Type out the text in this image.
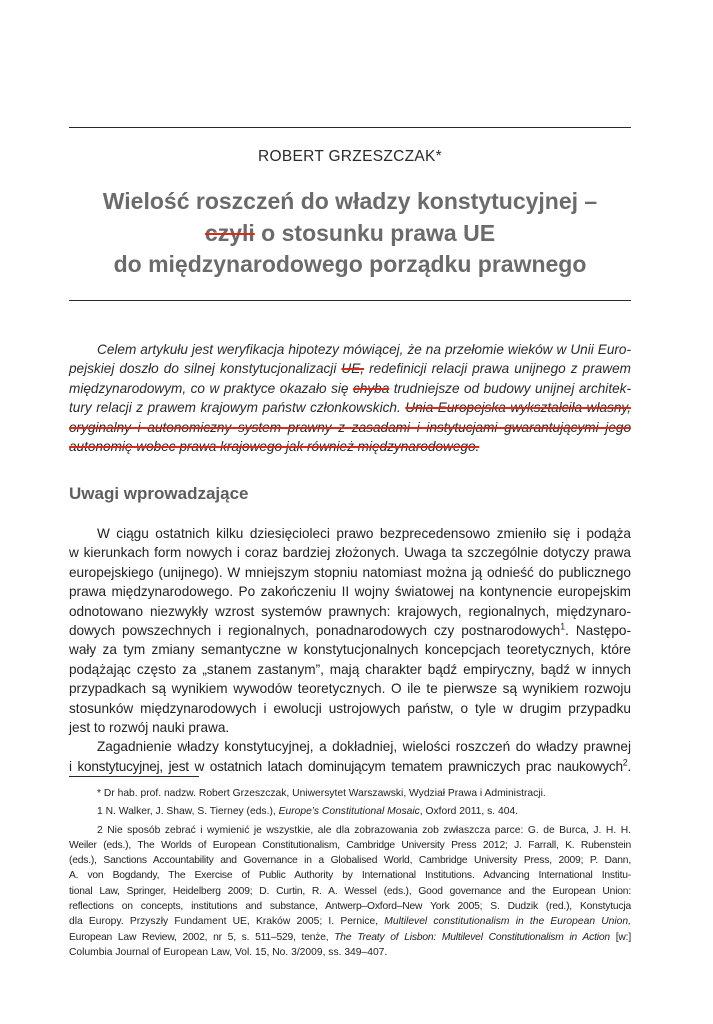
ROBERT GRZESZCZAK*
Wielość roszczeń do władzy konstytucyjnej –
czyli o stosunku prawa UE
do międzynarodowego porządku prawnego
Celem artykułu jest weryfikacja hipotezy mówiącej, że na przełomie wieków w Unii Euro-
pejskiej doszło do silnej konstytucjonalizacji UE, redefinicji relacji prawa unijnego z prawem
międzynarodowym, co w praktyce okazało się chyba trudniejsze od budowy unijnej architek-
tury relacji z prawem krajowym państw członkowskich. Unia Europejska wykształciła własny,
oryginalny i autonomiczny system prawny z zasadami i instytucjami gwarantującymi jego
autonomię wobec prawa krajowego jak również międzynarodowego.
Uwagi wprowadzające
W ciągu ostatnich kilku dziesięcioleci prawo bezprecedensowo zmieniło się i podąża
w kierunkach form nowych i coraz bardziej złożonych. Uwaga ta szczególnie dotyczy prawa
europejskiego (unijnego). W mniejszym stopniu natomiast można ją odnieść do publicznego
prawa międzynarodowego. Po zakończeniu II wojny światowej na kontynencie europejskim
odnotowano niezwykły wzrost systemów prawnych: krajowych, regionalnych, międzynaro-
dowych powszechnych i regionalnych, ponadnarodowych czy postnarodowych$^1$. Następo-
wały za tym zmiany semantyczne w konstytucjonalnych koncepcjach teoretycznych, które
podążając często za „stanem zastanym”, mają charakter bądź empiryczny, bądź w innych
przypadkach są wynikiem wywodów teoretycznych. O ile te pierwsze są wynikiem rozwoju
stosunków międzynarodowych i ewolucji ustrojowych państw, o tyle w drugim przypadku
jest to rozwój nauki prawa.
Zagadnienie władzy konstytucyjnej, a dokładniej, wielości roszczeń do władzy prawnej
i konstytucyjnej, jest w ostatnich latach dominującym tematem prawniczych prac naukowych$^2$.
* Dr hab. prof. nadzw. Robert Grzeszczak, Uniwersytet Warszawski, Wydział Prawa i Administracji.
1 N. Walker, J. Shaw, S. Tierney (eds.), Europe’s Constitutional Mosaic, Oxford 2011, s. 404.
2 Nie sposób zebrać i wymienić je wszystkie, ale dla zobrazowania zob zwłaszcza parce: G. de Burca, J. H. H.
Weiler (eds.), The Worlds of European Constitutionalism, Cambridge University Press 2012; J. Farrall, K. Rubenstein
(eds.), Sanctions Accountability and Governance in a Globalised World, Cambridge University Press, 2009; P. Dann,
A. von Bogdandy, The Exercise of Public Authority by International Institutions. Advancing International Institu-
tional Law, Springer, Heidelberg 2009; D. Curtin, R. A. Wessel (eds.), Good governance and the European Union:
reflections on concepts, institutions and substance, Antwerp–Oxford–New York 2005; S. Dudzik (red.), Konstytucja
dla Europy. Przyszły Fundament UE, Kraków 2005; I. Pernice, Multilevel constitutionalism in the European Union,
European Law Review, 2002, nr 5, s. 511–529, tenże, The Treaty of Lisbon: Multilevel Constitutionalism in Action [w:]
Columbia Journal of European Law, Vol. 15, No. 3/2009, ss. 349–407.
